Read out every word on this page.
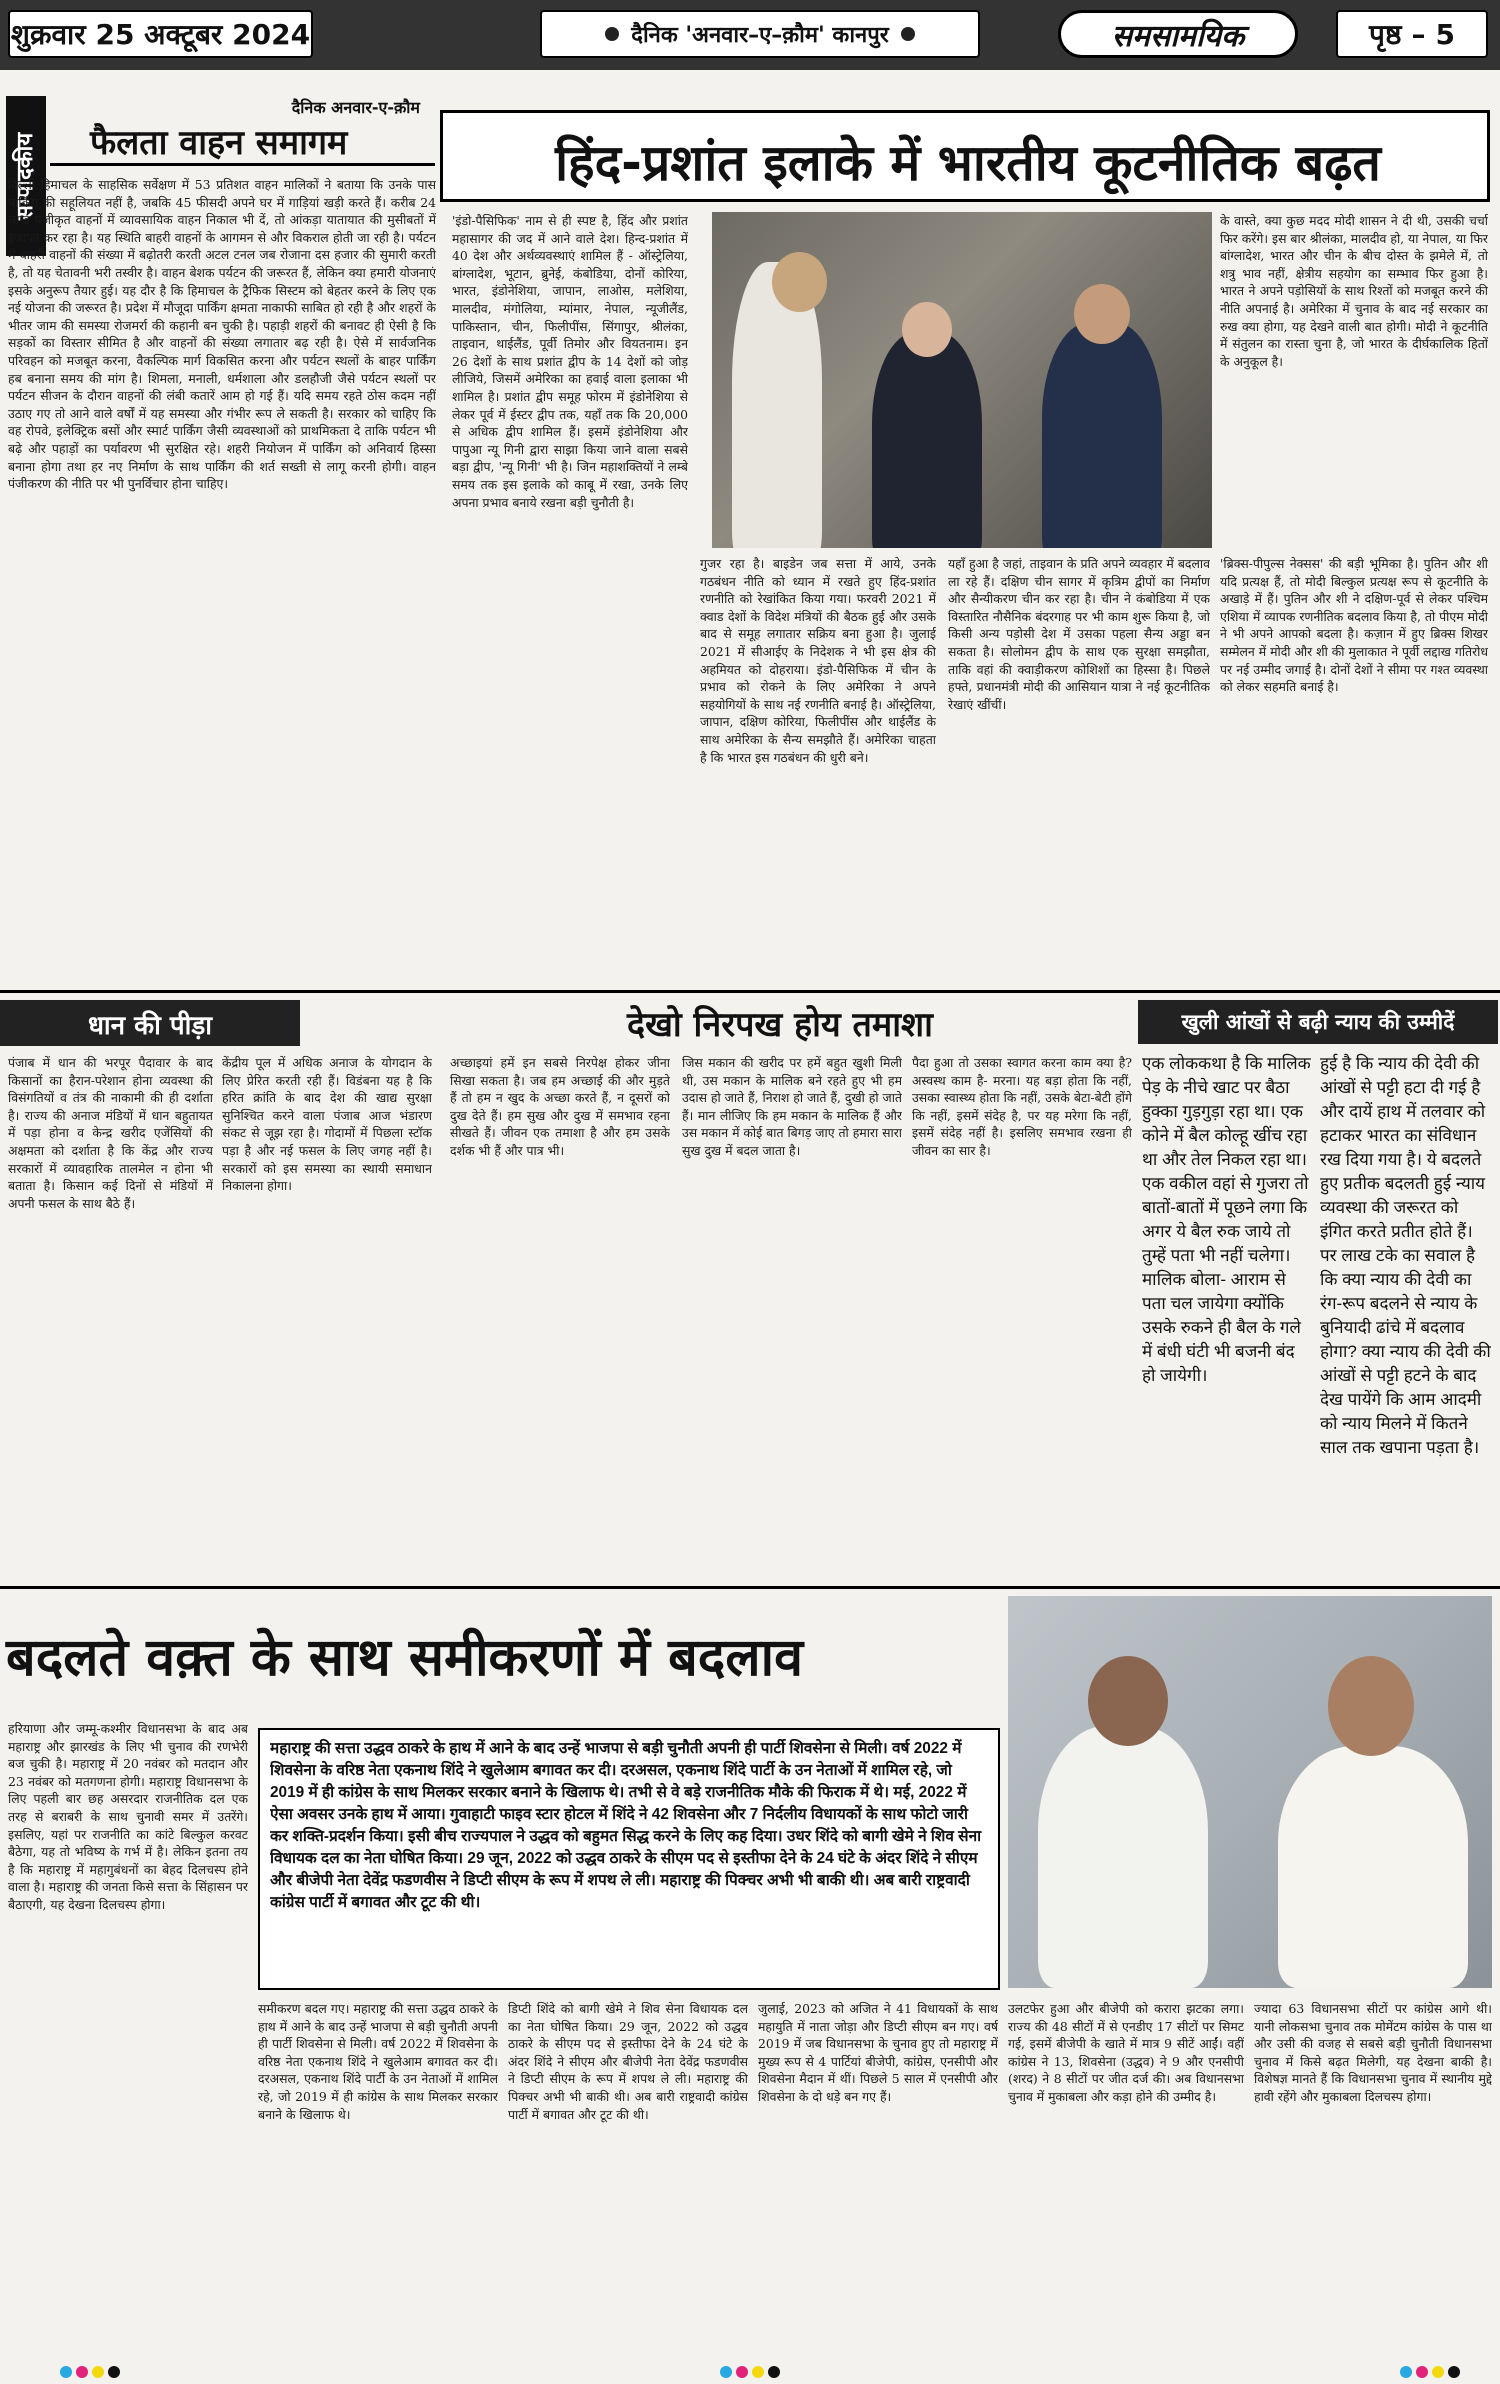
शुक्रवार 25 अक्टूबर 2024	दैनिक 'अनवार–ए–क़ौम' कानपुर	समसामयिक	पृष्ठ – 5
सम्पादकीय
दैनिक अनवार-ए-क़ौम
फैलता वाहन समागम
दिल्ली हिमाचल के साहसिक सर्वेक्षण में 53 प्रतिशत वाहन मालिकों ने बताया कि उनके पास पार्किंग की सहूलियत नहीं है, जबकि 45 फीसदी अपने घर में गाड़ियां खड़ी करते हैं। करीब 24 लाख पंजीकृत वाहनों में व्यावसायिक वाहन निकाल भी दें, तो आंकड़ा यातायात की मुसीबतों में इजाफा कर रहा है। यह स्थिति बाहरी वाहनों के आगमन से और विकराल होती जा रही है। पर्यटन में बाहरी वाहनों की संख्या में बढ़ोतरी करती अटल टनल जब रोजाना दस हजार की सुमारी करती है, तो यह चेतावनी भरी तस्वीर है। वाहन बेशक पर्यटन की जरूरत हैं, लेकिन क्या हमारी योजनाएं इसके अनुरूप तैयार हुई। यह दौर है कि हिमाचल के ट्रैफिक सिस्टम को बेहतर करने के लिए एक नई योजना की जरूरत है। प्रदेश में मौजूदा पार्किंग क्षमता नाकाफी साबित हो रही है और शहरों के भीतर जाम की समस्या रोजमर्रा की कहानी बन चुकी है। पहाड़ी शहरों की बनावट ही ऐसी है कि सड़कों का विस्तार सीमित है और वाहनों की संख्या लगातार बढ़ रही है। ऐसे में सार्वजनिक परिवहन को मजबूत करना, वैकल्पिक मार्ग विकसित करना और पर्यटन स्थलों के बाहर पार्किंग हब बनाना समय की मांग है। शिमला, मनाली, धर्मशाला और डलहौजी जैसे पर्यटन स्थलों पर पर्यटन सीजन के दौरान वाहनों की लंबी कतारें आम हो गई हैं। यदि समय रहते ठोस कदम नहीं उठाए गए तो आने वाले वर्षों में यह समस्या और गंभीर रूप ले सकती है। सरकार को चाहिए कि वह रोपवे, इलेक्ट्रिक बसों और स्मार्ट पार्किंग जैसी व्यवस्थाओं को प्राथमिकता दे ताकि पर्यटन भी बढ़े और पहाड़ों का पर्यावरण भी सुरक्षित रहे। शहरी नियोजन में पार्किंग को अनिवार्य हिस्सा बनाना होगा तथा हर नए निर्माण के साथ पार्किंग की शर्त सख्ती से लागू करनी होगी। वाहन पंजीकरण की नीति पर भी पुनर्विचार होना चाहिए।
हिंद-प्रशांत इलाके में भारतीय कूटनीतिक बढ़त
'इंडो-पैसिफिक' नाम से ही स्पष्ट है, हिंद और प्रशांत महासागर की जद में आने वाले देश। हिन्द-प्रशांत में 40 देश और अर्थव्यवस्थाएं शामिल हैं - ऑस्ट्रेलिया, बांग्लादेश, भूटान, ब्रुनेई, कंबोडिया, दोनों कोरिया, भारत, इंडोनेशिया, जापान, लाओस, मलेशिया, मालदीव, मंगोलिया, म्यांमार, नेपाल, न्यूजीलैंड, पाकिस्तान, चीन, फिलीपींस, सिंगापुर, श्रीलंका, ताइवान, थाईलैंड, पूर्वी तिमोर और वियतनाम। इन 26 देशों के साथ प्रशांत द्वीप के 14 देशों को जोड़ लीजिये, जिसमें अमेरिका का हवाई वाला इलाका भी शामिल है। प्रशांत द्वीप समूह फोरम में इंडोनेशिया से लेकर पूर्व में ईस्टर द्वीप तक, यहाँ तक कि 20,000 से अधिक द्वीप शामिल हैं। इसमें इंडोनेशिया और पापुआ न्यू गिनी द्वारा साझा किया जाने वाला सबसे बड़ा द्वीप, 'न्यू गिनी' भी है। जिन महाशक्तियों ने लम्बे समय तक इस इलाके को काबू में रखा, उनके लिए अपना प्रभाव बनाये रखना बड़ी चुनौती है।
गुजर रहा है। बाइडेन जब सत्ता में आये, उनके गठबंधन नीति को ध्यान में रखते हुए हिंद-प्रशांत रणनीति को रेखांकित किया गया। फरवरी 2021 में क्वाड देशों के विदेश मंत्रियों की बैठक हुई और उसके बाद से समूह लगातार सक्रिय बना हुआ है। जुलाई 2021 में सीआईए के निदेशक ने भी इस क्षेत्र की अहमियत को दोहराया। इंडो-पैसिफिक में चीन के प्रभाव को रोकने के लिए अमेरिका ने अपने सहयोगियों के साथ नई रणनीति बनाई है। ऑस्ट्रेलिया, जापान, दक्षिण कोरिया, फिलीपींस और थाईलैंड के साथ अमेरिका के सैन्य समझौते हैं। अमेरिका चाहता है कि भारत इस गठबंधन की धुरी बने।
यहाँ हुआ है जहां, ताइवान के प्रति अपने व्यवहार में बदलाव ला रहे हैं। दक्षिण चीन सागर में कृत्रिम द्वीपों का निर्माण और सैन्यीकरण चीन कर रहा है। चीन ने कंबोडिया में एक विस्तारित नौसैनिक बंदरगाह पर भी काम शुरू किया है, जो किसी अन्य पड़ोसी देश में उसका पहला सैन्य अड्डा बन सकता है। सोलोमन द्वीप के साथ एक सुरक्षा समझौता, ताकि वहां की क्वाड़ीकरण कोशिशों का हिस्सा है। पिछले हफ्ते, प्रधानमंत्री मोदी की आसियान यात्रा ने नई कूटनीतिक रेखाएं खींचीं।
के वास्ते, क्या कुछ मदद मोदी शासन ने दी थी, उसकी चर्चा फिर करेंगे। इस बार श्रीलंका, मालदीव हो, या नेपाल, या फिर बांग्लादेश, भारत और चीन के बीच दोस्त के झमेले में, तो शत्रु भाव नहीं, क्षेत्रीय सहयोग का सम्भाव फिर हुआ है। भारत ने अपने पड़ोसियों के साथ रिश्तों को मजबूत करने की नीति अपनाई है। अमेरिका में चुनाव के बाद नई सरकार का रुख क्या होगा, यह देखने वाली बात होगी। मोदी ने कूटनीति में संतुलन का रास्ता चुना है, जो भारत के दीर्घकालिक हितों के अनुकूल है।
'ब्रिक्स-पीपुल्स नेक्सस' की बड़ी भूमिका है। पुतिन और शी यदि प्रत्यक्ष हैं, तो मोदी बिल्कुल प्रत्यक्ष रूप से कूटनीति के अखाड़े में हैं। पुतिन और शी ने दक्षिण-पूर्व से लेकर पश्चिम एशिया में व्यापक रणनीतिक बदलाव किया है, तो पीएम मोदी ने भी अपने आपको बदला है। कज़ान में हुए ब्रिक्स शिखर सम्मेलन में मोदी और शी की मुलाकात ने पूर्वी लद्दाख गतिरोध पर नई उम्मीद जगाई है। दोनों देशों ने सीमा पर गश्त व्यवस्था को लेकर सहमति बनाई है।
धान की पीड़ा
पंजाब में धान की भरपूर पैदावार के बाद किसानों का हैरान-परेशान होना व्यवस्था की विसंगतियों व तंत्र की नाकामी की ही दर्शाता है। राज्य की अनाज मंडियों में धान बहुतायत में पड़ा होना व केन्द्र खरीद एजेंसियों की अक्षमता को दर्शाता है कि केंद्र और राज्य सरकारों में व्यावहारिक तालमेल न होना भी बताता है। किसान कई दिनों से मंडियों में अपनी फसल के साथ बैठे हैं।
केंद्रीय पूल में अधिक अनाज के योगदान के लिए प्रेरित करती रही हैं। विडंबना यह है कि हरित क्रांति के बाद देश की खाद्य सुरक्षा सुनिश्चित करने वाला पंजाब आज भंडारण संकट से जूझ रहा है। गोदामों में पिछला स्टॉक पड़ा है और नई फसल के लिए जगह नहीं है। सरकारों को इस समस्या का स्थायी समाधान निकालना होगा।
देखो निरपख होय तमाशा
अच्छाइयां हमें इन सबसे निरपेक्ष होकर जीना सिखा सकता है। जब हम अच्छाई की और मुड़ते हैं तो हम न खुद के अच्छा करते हैं, न दूसरों को दुख देते हैं। हम सुख और दुख में समभाव रहना सीखते हैं। जीवन एक तमाशा है और हम उसके दर्शक भी हैं और पात्र भी।
जिस मकान की खरीद पर हमें बहुत खुशी मिली थी, उस मकान के मालिक बने रहते हुए भी हम उदास हो जाते हैं, निराश हो जाते हैं, दुखी हो जाते हैं। मान लीजिए कि हम मकान के मालिक हैं और उस मकान में कोई बात बिगड़ जाए तो हमारा सारा सुख दुख में बदल जाता है।
पैदा हुआ तो उसका स्वागत करना काम क्या है? अस्वस्थ काम है- मरना। यह बड़ा होता कि नहीं, उसका स्वास्थ्य होता कि नहीं, उसके बेटा-बेटी होंगे कि नहीं, इसमें संदेह है, पर यह मरेगा कि नहीं, इसमें संदेह नहीं है। इसलिए समभाव रखना ही जीवन का सार है।
खुली आंखों से बढ़ी न्याय की उम्मीदें
एक लोककथा है कि मालिक पेड़ के नीचे खाट पर बैठा हुक्का गुड़गुड़ा रहा था। एक कोने में बैल कोल्हू खींच रहा था और तेल निकल रहा था। एक वकील वहां से गुजरा तो बातों-बातों में पूछने लगा कि अगर ये बैल रुक जाये तो तुम्हें पता भी नहीं चलेगा। मालिक बोला- आराम से पता चल जायेगा क्योंकि उसके रुकने ही बैल के गले में बंधी घंटी भी बजनी बंद हो जायेगी।
हुई है कि न्याय की देवी की आंखों से पट्टी हटा दी गई है और दायें हाथ में तलवार को हटाकर भारत का संविधान रख दिया गया है। ये बदलते हुए प्रतीक बदलती हुई न्याय व्यवस्था की जरूरत को इंगित करते प्रतीत होते हैं। पर लाख टके का सवाल है कि क्या न्याय की देवी का रंग-रूप बदलने से न्याय के बुनियादी ढांचे में बदलाव होगा? क्या न्याय की देवी की आंखों से पट्टी हटने के बाद देख पायेंगे कि आम आदमी को न्याय मिलने में कितने साल तक खपाना पड़ता है।
बदलते वक़्त के साथ समीकरणों में बदलाव
हरियाणा और जम्मू-कश्मीर विधानसभा के बाद अब महाराष्ट्र और झारखंड के लिए भी चुनाव की रणभेरी बज चुकी है। महाराष्ट्र में 20 नवंबर को मतदान और 23 नवंबर को मतगणना होगी। महाराष्ट्र विधानसभा के लिए पहली बार छह असरदार राजनीतिक दल एक तरह से बराबरी के साथ चुनावी समर में उतरेंगे। इसलिए, यहां पर राजनीति का कांटे बिल्कुल करवट बैठेगा, यह तो भविष्य के गर्भ में है। लेकिन इतना तय है कि महाराष्ट्र में महागुबंधनों का बेहद दिलचस्प होने वाला है। महाराष्ट्र की जनता किसे सत्ता के सिंहासन पर बैठाएगी, यह देखना दिलचस्प होगा।
महाराष्ट्र की सत्ता उद्धव ठाकरे के हाथ में आने के बाद उन्हें भाजपा से बड़ी चुनौती अपनी ही पार्टी शिवसेना से मिली। वर्ष 2022 में शिवसेना के वरिष्ठ नेता एकनाथ शिंदे ने खुलेआम बगावत कर दी। दरअसल, एकनाथ शिंदे पार्टी के उन नेताओं में शामिल रहे, जो 2019 में ही कांग्रेस के साथ मिलकर सरकार बनाने के खिलाफ थे। तभी से वे बड़े राजनीतिक मौके की फिराक में थे। मई, 2022 में ऐसा अवसर उनके हाथ में आया। गुवाहाटी फाइव स्टार होटल में शिंदे ने 42 शिवसेना और 7 निर्दलीय विधायकों के साथ फोटो जारी कर शक्ति-प्रदर्शन किया। इसी बीच राज्यपाल ने उद्धव को बहुमत सिद्ध करने के लिए कह दिया। उधर शिंदे को बागी खेमे ने शिव सेना विधायक दल का नेता घोषित किया। 29 जून, 2022 को उद्धव ठाकरे के सीएम पद से इस्तीफा देने के 24 घंटे के अंदर शिंदे ने सीएम और बीजेपी नेता देवेंद्र फडणवीस ने डिप्टी सीएम के रूप में शपथ ले ली। महाराष्ट्र की पिक्चर अभी भी बाकी थी। अब बारी राष्ट्रवादी कांग्रेस पार्टी में बगावत और टूट की थी।
समीकरण बदल गए। महाराष्ट्र की सत्ता उद्धव ठाकरे के हाथ में आने के बाद उन्हें भाजपा से बड़ी चुनौती अपनी ही पार्टी शिवसेना से मिली। वर्ष 2022 में शिवसेना के वरिष्ठ नेता एकनाथ शिंदे ने खुलेआम बगावत कर दी। दरअसल, एकनाथ शिंदे पार्टी के उन नेताओं में शामिल रहे, जो 2019 में ही कांग्रेस के साथ मिलकर सरकार बनाने के खिलाफ थे।
डिप्टी शिंदे को बागी खेमे ने शिव सेना विधायक दल का नेता घोषित किया। 29 जून, 2022 को उद्धव ठाकरे के सीएम पद से इस्तीफा देने के 24 घंटे के अंदर शिंदे ने सीएम और बीजेपी नेता देवेंद्र फडणवीस ने डिप्टी सीएम के रूप में शपथ ले ली। महाराष्ट्र की पिक्चर अभी भी बाकी थी। अब बारी राष्ट्रवादी कांग्रेस पार्टी में बगावत और टूट की थी।
जुलाई, 2023 को अजित ने 41 विधायकों के साथ महायुति में नाता जोड़ा और डिप्टी सीएम बन गए। वर्ष 2019 में जब विधानसभा के चुनाव हुए तो महाराष्ट्र में मुख्य रूप से 4 पार्टियां बीजेपी, कांग्रेस, एनसीपी और शिवसेना मैदान में थीं। पिछले 5 साल में एनसीपी और शिवसेना के दो धड़े बन गए हैं।
उलटफेर हुआ और बीजेपी को करारा झटका लगा। राज्य की 48 सीटों में से एनडीए 17 सीटों पर सिमट गई, इसमें बीजेपी के खाते में मात्र 9 सीटें आईं। वहीं कांग्रेस ने 13, शिवसेना (उद्धव) ने 9 और एनसीपी (शरद) ने 8 सीटों पर जीत दर्ज की। अब विधानसभा चुनाव में मुकाबला और कड़ा होने की उम्मीद है।
ज्यादा 63 विधानसभा सीटों पर कांग्रेस आगे थी। यानी लोकसभा चुनाव तक मोमेंटम कांग्रेस के पास था और उसी की वजह से सबसे बड़ी चुनौती विधानसभा चुनाव में किसे बढ़त मिलेगी, यह देखना बाकी है। विशेषज्ञ मानते हैं कि विधानसभा चुनाव में स्थानीय मुद्दे हावी रहेंगे और मुकाबला दिलचस्प होगा।
